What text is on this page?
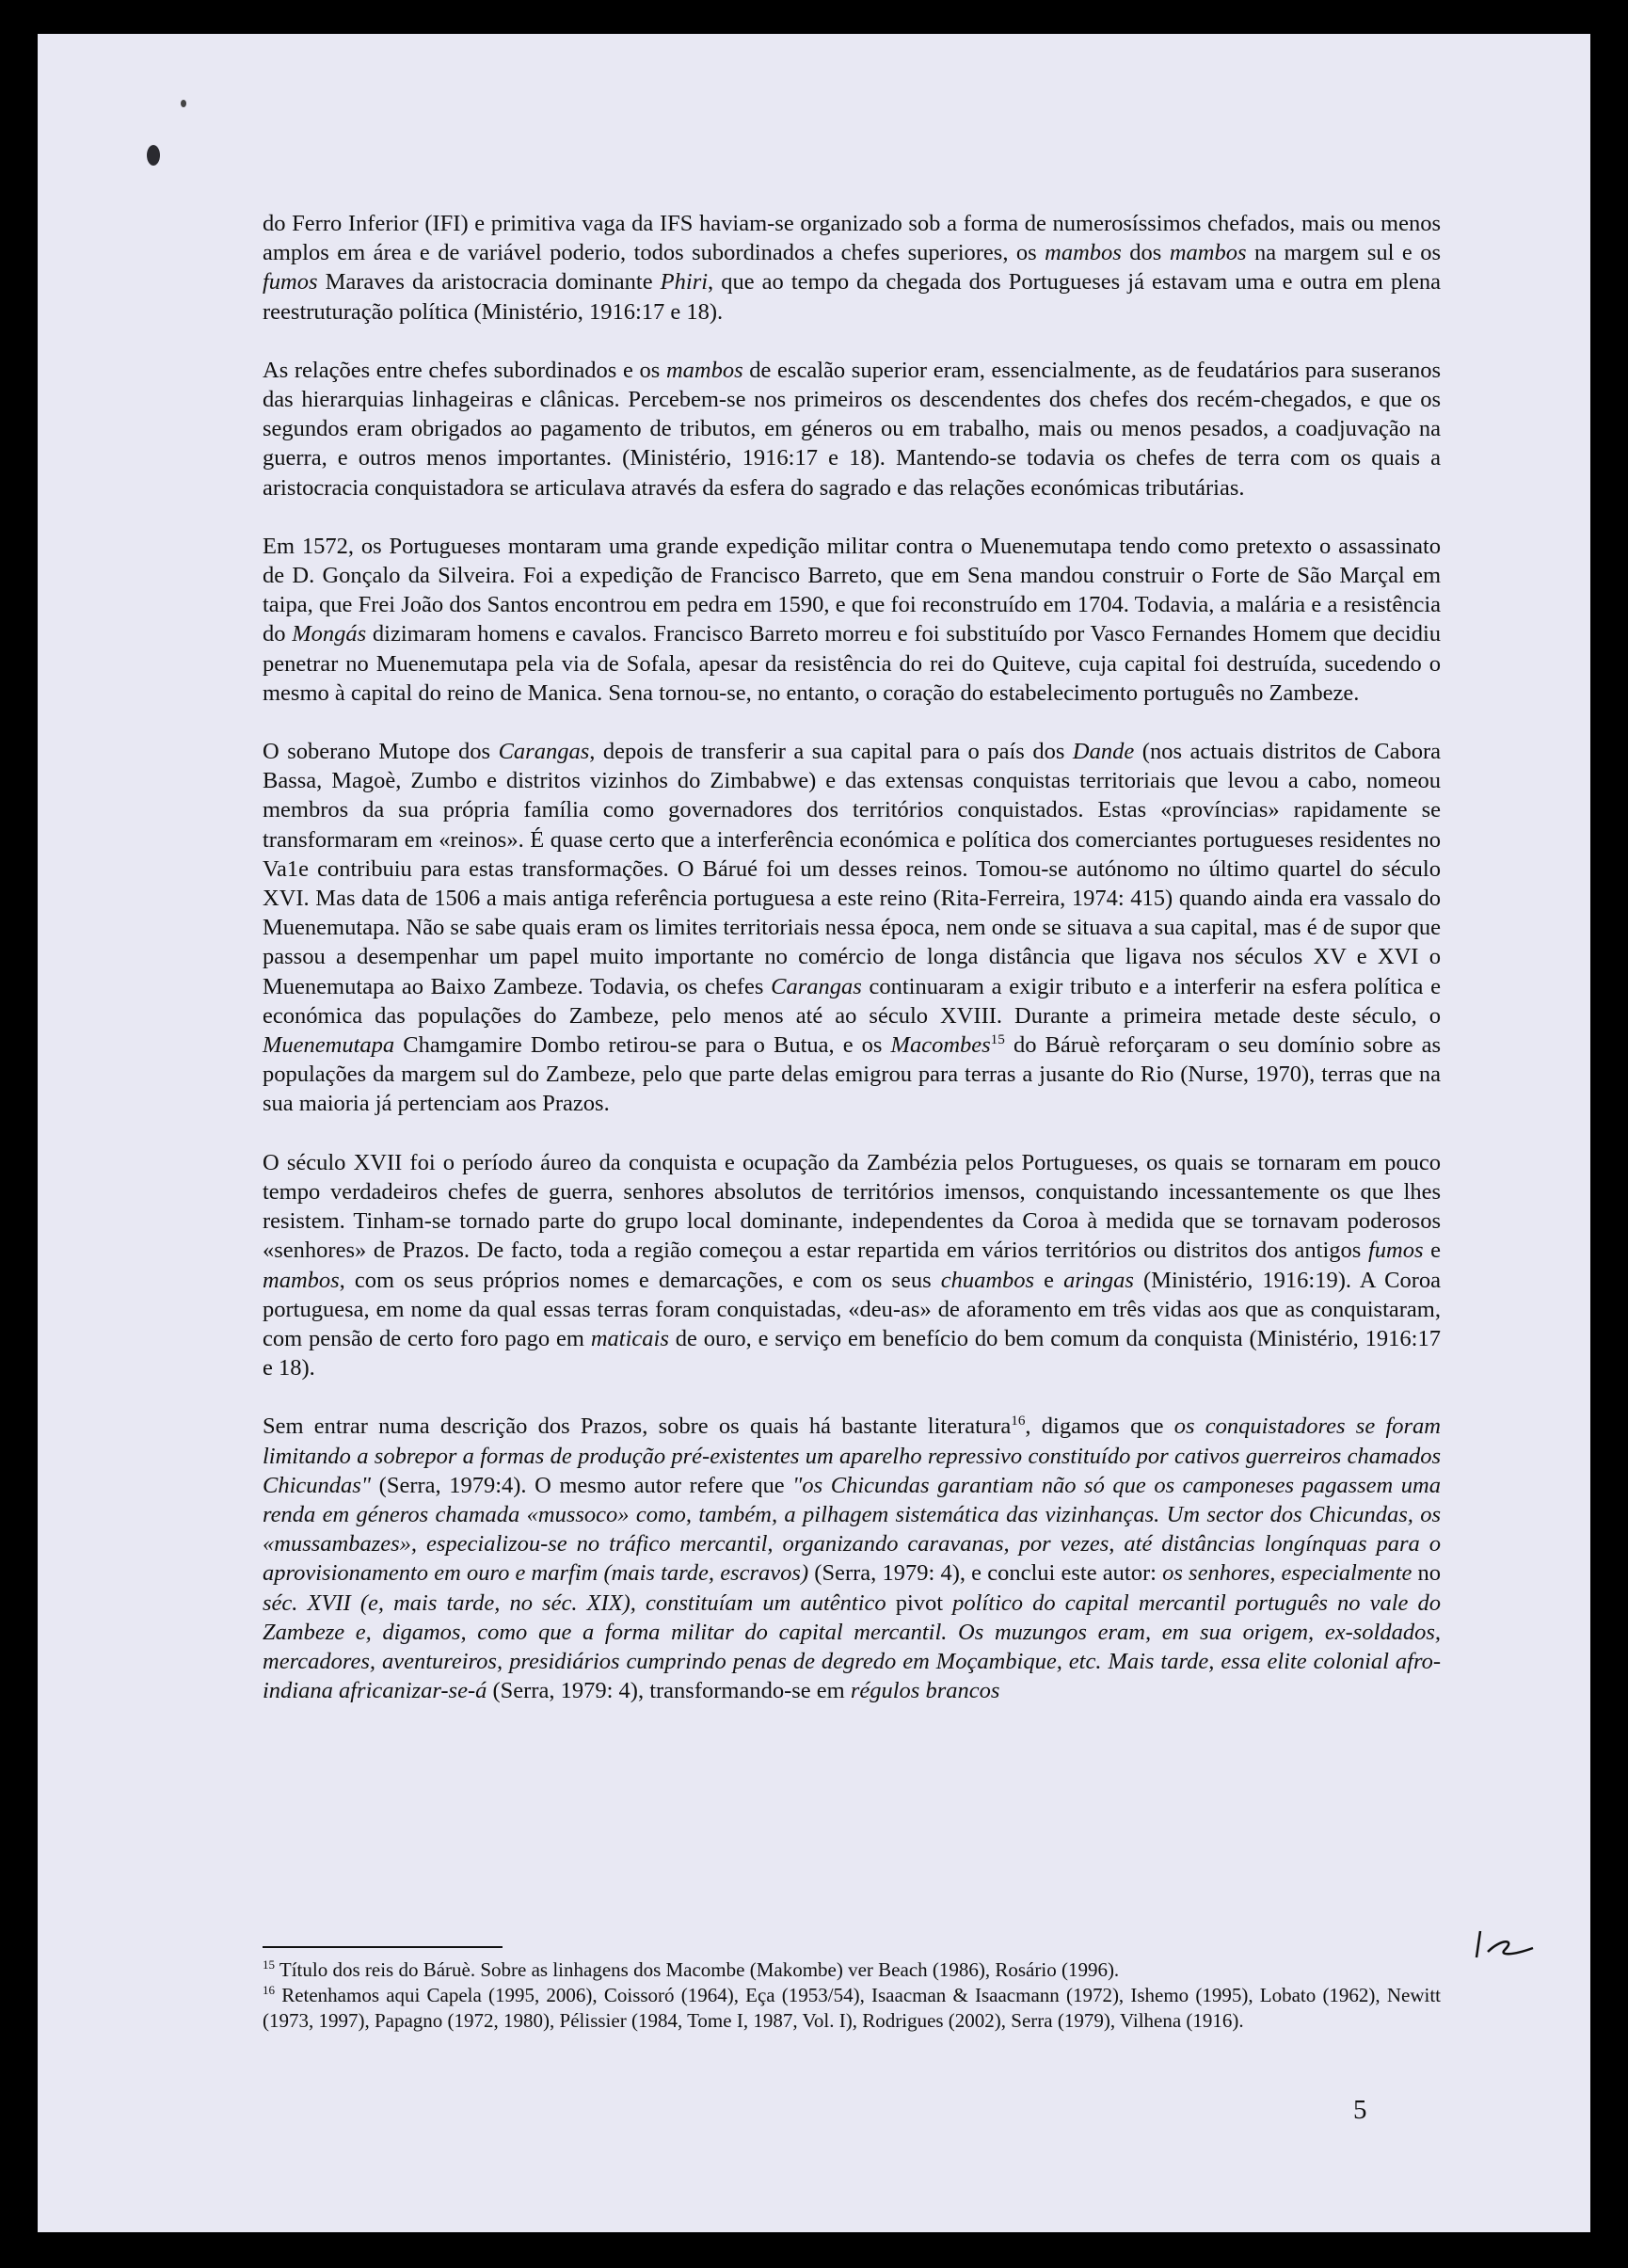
do Ferro Inferior (IFI) e primitiva vaga da IFS haviam-se organizado sob a forma de numerosíssimos chefados, mais ou menos amplos em área e de variável poderio, todos subordinados a chefes superiores, os mambos dos mambos na margem sul e os fumos Maraves da aristocracia dominante Phiri, que ao tempo da chegada dos Portugueses já estavam uma e outra em plena reestruturação política (Ministério, 1916:17 e 18).

As relações entre chefes subordinados e os mambos de escalão superior eram, essencialmente, as de feudatários para suseranos das hierarquias linhageiras e clânicas. Percebem-se nos primeiros os descendentes dos chefes dos recém-chegados, e que os segundos eram obrigados ao pagamento de tributos, em géneros ou em trabalho, mais ou menos pesados, a coadjuvação na guerra, e outros menos importantes. (Ministério, 1916:17 e 18). Mantendo-se todavia os chefes de terra com os quais a aristocracia conquistadora se articulava através da esfera do sagrado e das relações económicas tributárias.

Em 1572, os Portugueses montaram uma grande expedição militar contra o Muenemutapa tendo como pretexto o assassinato de D. Gonçalo da Silveira. Foi a expedição de Francisco Barreto, que em Sena mandou construir o Forte de São Marçal em taipa, que Frei João dos Santos encontrou em pedra em 1590, e que foi reconstruído em 1704. Todavia, a malária e a resistência do Mongás dizimaram homens e cavalos. Francisco Barreto morreu e foi substituído por Vasco Fernandes Homem que decidiu penetrar no Muenemutapa pela via de Sofala, apesar da resistência do rei do Quiteve, cuja capital foi destruída, sucedendo o mesmo à capital do reino de Manica. Sena tornou-se, no entanto, o coração do estabelecimento português no Zambeze.

O soberano Mutope dos Carangas, depois de transferir a sua capital para o país dos Dande (nos actuais distritos de Cabora Bassa, Magoè, Zumbo e distritos vizinhos do Zimbabwe) e das extensas conquistas territoriais que levou a cabo, nomeou membros da sua própria família como governadores dos territórios conquistados. Estas «províncias» rapidamente se transformaram em «reinos». É quase certo que a interferência económica e política dos comerciantes portugueses residentes no Va1e contribuiu para estas transformações. O Bárué foi um desses reinos. Tomou-se autónomo no último quartel do século XVI. Mas data de 1506 a mais antiga referência portuguesa a este reino (Rita-Ferreira, 1974: 415) quando ainda era vassalo do Muenemutapa. Não se sabe quais eram os limites territoriais nessa época, nem onde se situava a sua capital, mas é de supor que passou a desempenhar um papel muito importante no comércio de longa distância que ligava nos séculos XV e XVI o Muenemutapa ao Baixo Zambeze. Todavia, os chefes Carangas continuaram a exigir tributo e a interferir na esfera política e económica das populações do Zambeze, pelo menos até ao século XVIII. Durante a primeira metade deste século, o Muenemutapa Chamgamire Dombo retirou-se para o Butua, e os Macombes$^{15}$ do Báruè reforçaram o seu domínio sobre as populações da margem sul do Zambeze, pelo que parte delas emigrou para terras a jusante do Rio (Nurse, 1970), terras que na sua maioria já pertenciam aos Prazos.

O século XVII foi o período áureo da conquista e ocupação da Zambézia pelos Portugueses, os quais se tornaram em pouco tempo verdadeiros chefes de guerra, senhores absolutos de territórios imensos, conquistando incessantemente os que lhes resistem. Tinham-se tornado parte do grupo local dominante, independentes da Coroa à medida que se tornavam poderosos «senhores» de Prazos. De facto, toda a região começou a estar repartida em vários territórios ou distritos dos antigos fumos e mambos, com os seus próprios nomes e demarcações, e com os seus chuambos e aringas (Ministério, 1916:19). A Coroa portuguesa, em nome da qual essas terras foram conquistadas, «deu-as» de aforamento em três vidas aos que as conquistaram, com pensão de certo foro pago em maticais de ouro, e serviço em benefício do bem comum da conquista (Ministério, 1916:17 e 18).

Sem entrar numa descrição dos Prazos, sobre os quais há bastante literatura$^{16}$, digamos que os conquistadores se foram limitando a sobrepor a formas de produção pré-existentes um aparelho repressivo constituído por cativos guerreiros chamados Chicundas" (Serra, 1979:4). O mesmo autor refere que "os Chicundas garantiam não só que os camponeses pagassem uma renda em géneros chamada «mussoco» como, também, a pilhagem sistemática das vizinhanças. Um sector dos Chicundas, os «mussambazes», especializou-se no tráfico mercantil, organizando caravanas, por vezes, até distâncias longínquas para o aprovisionamento em ouro e marfim (mais tarde, escravos) (Serra, 1979: 4), e conclui este autor: os senhores, especialmente no séc. XVII (e, mais tarde, no séc. XIX), constituíam um autêntico pivot político do capital mercantil português no vale do Zambeze e, digamos, como que a forma militar do capital mercantil. Os muzungos eram, em sua origem, ex-soldados, mercadores, aventureiros, presidiários cumprindo penas de degredo em Moçambique, etc. Mais tarde, essa elite colonial afro-indiana africanizar-se-á (Serra, 1979: 4), transformando-se em régulos brancos

$^{15}$ Título dos reis do Báruè. Sobre as linhagens dos Macombe (Makombe) ver Beach (1986), Rosário (1996).

$^{16}$ Retenhamos aqui Capela (1995, 2006), Coissoró (1964), Eça (1953/54), Isaacman & Isaacmann (1972), Ishemo (1995), Lobato (1962), Newitt (1973, 1997), Papagno (1972, 1980), Pélissier (1984, Tome I, 1987, Vol. I), Rodrigues (2002), Serra (1979), Vilhena (1916).

5
